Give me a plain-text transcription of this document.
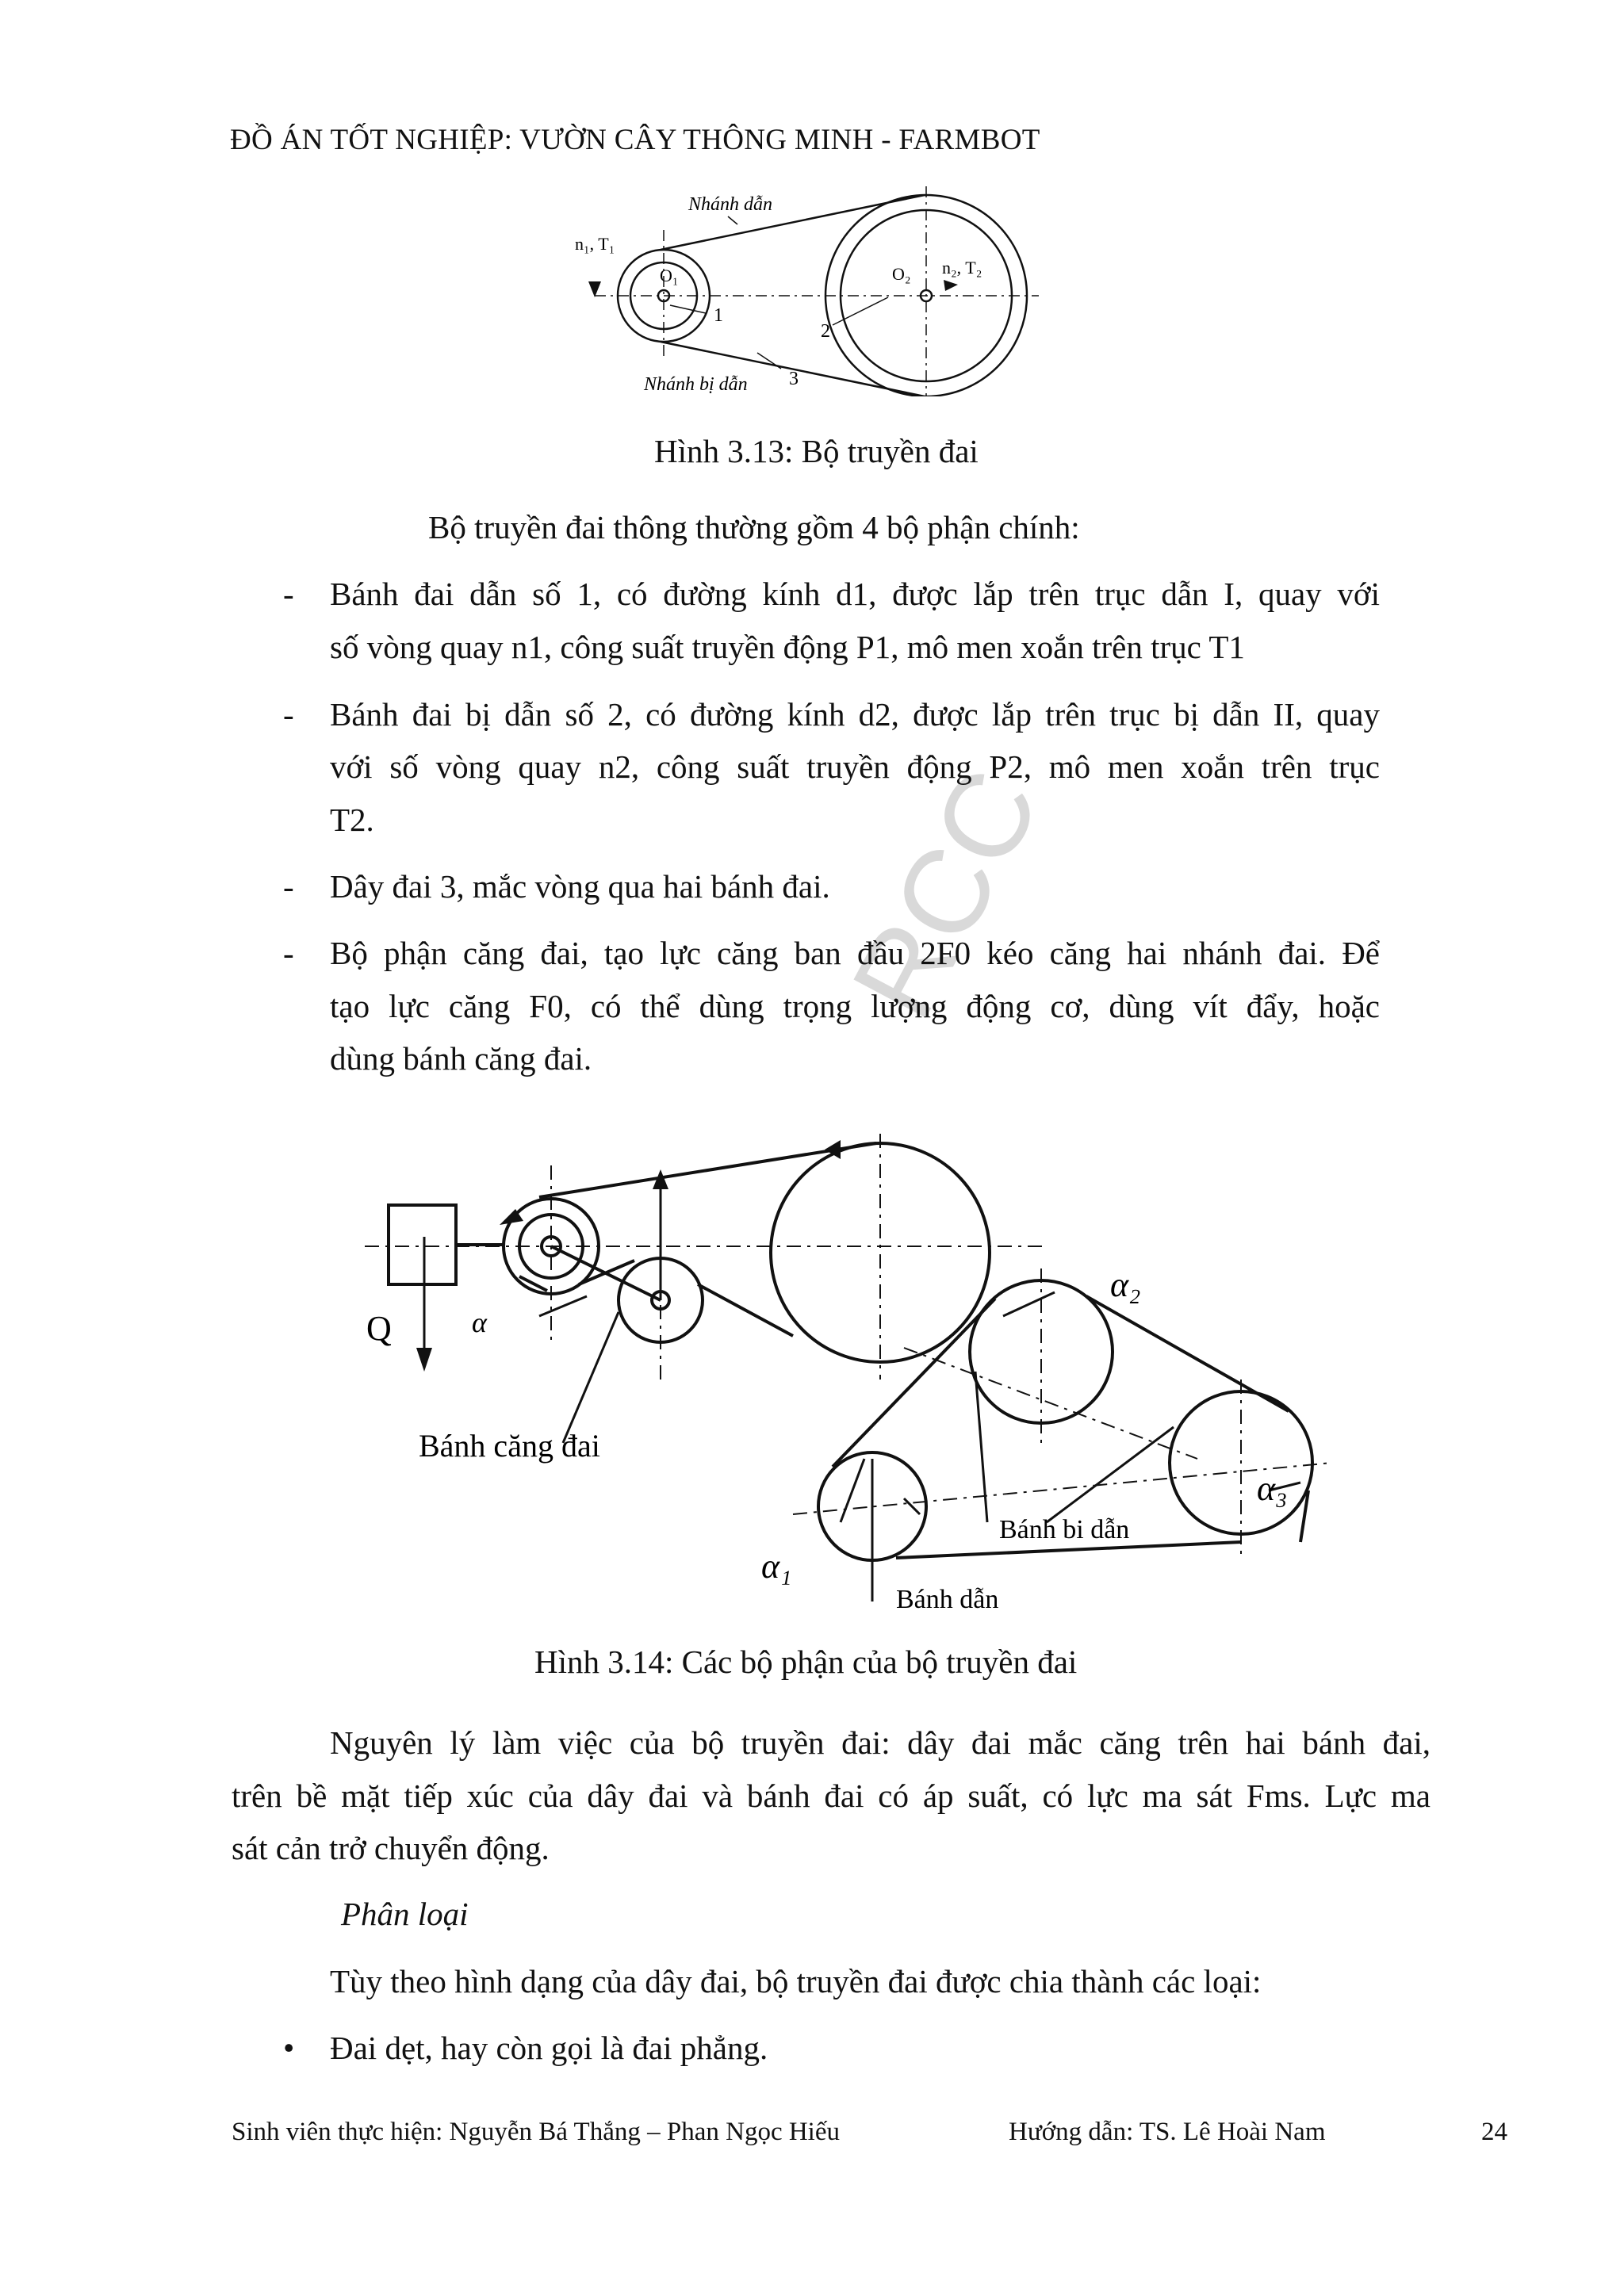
RCC
ĐỒ ÁN TỐT NGHIỆP: VƯỜN CÂY THÔNG MINH - FARMBOT
Nhánh dẫn
Nhánh bị dẫn
n₁, T₁
O₁	O₂ n₂, T₂
1
2
3
Hình 3.13: Bộ truyền đai
Bộ truyền đai thông thường gồm 4 bộ phận chính:
- Bánh đai dẫn số 1, có đường kính d1, được lắp trên trục dẫn I, quay với
số vòng quay n1, công suất truyền động P1, mô men xoắn trên trục T1
- Bánh đai bị dẫn số 2, có đường kính d2, được lắp trên trục bị dẫn II, quay
với số vòng quay n2, công suất truyền động P2, mô men xoắn trên trục
T2.
- Dây đai 3, mắc vòng qua hai bánh đai.
- Bộ phận căng đai, tạo lực căng ban đầu 2F0 kéo căng hai nhánh đai. Để
tạo lực căng F0, có thể dùng trọng lượng động cơ, dùng vít đẩy, hoặc
dùng bánh căng đai.
Q	α
Bánh căng đai
α₁
α₂
α₃
Bánh bi dẫn
Bánh dẫn
Hình 3.14: Các bộ phận của bộ truyền đai
Nguyên lý làm việc của bộ truyền đai: dây đai mắc căng trên hai bánh đai,
trên bề mặt tiếp xúc của dây đai và bánh đai có áp suất, có lực ma sát Fms. Lực ma
sát cản trở chuyển động.
Phân loại
Tùy theo hình dạng của dây đai, bộ truyền đai được chia thành các loại:
• Đai dẹt, hay còn gọi là đai phẳng.
Sinh viên thực hiện: Nguyễn Bá Thắng – Phan Ngọc Hiếu	Hướng dẫn: TS. Lê Hoài Nam	24
